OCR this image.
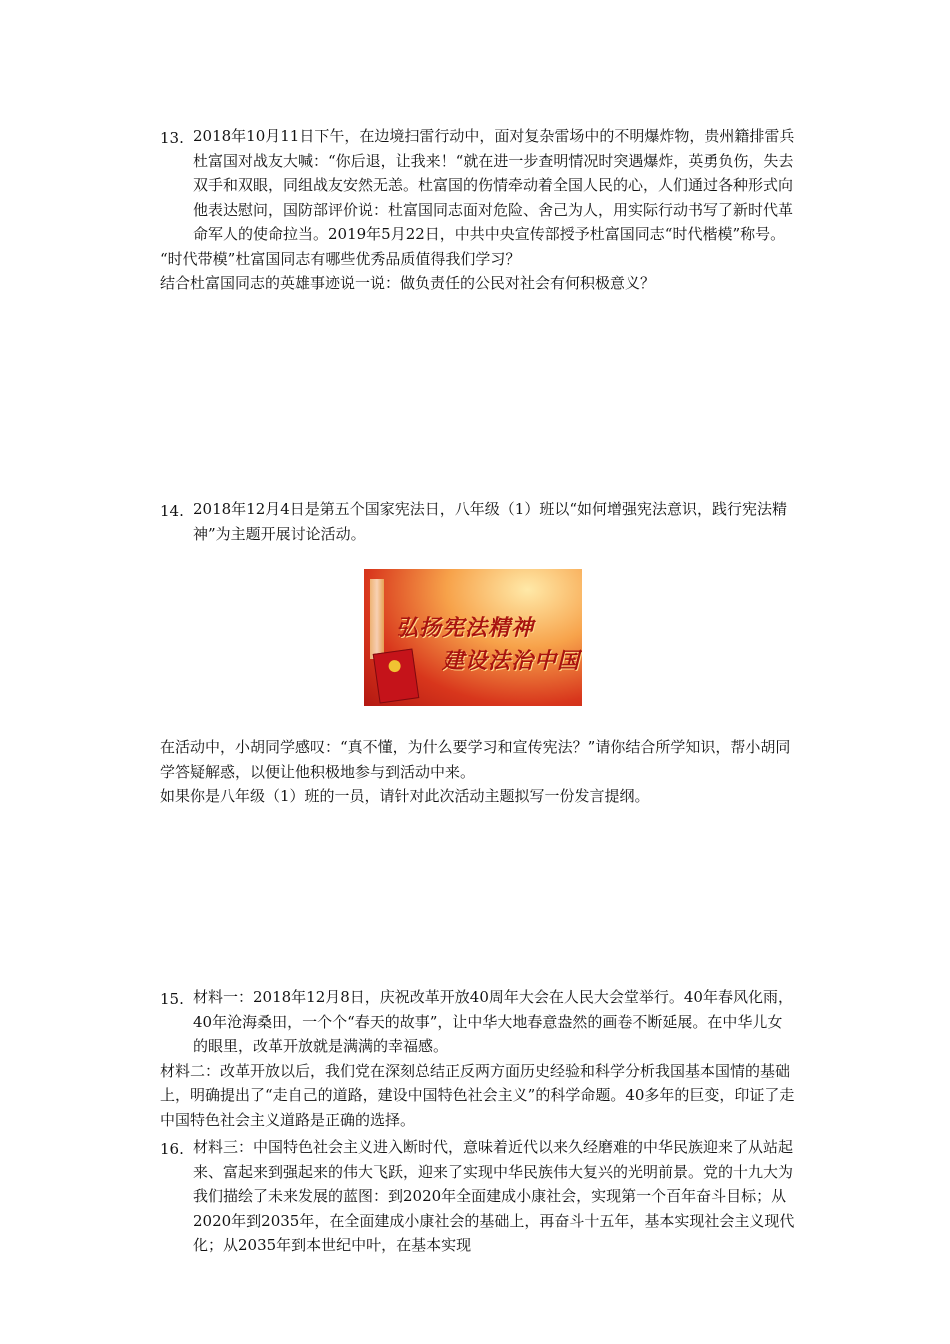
13. 2018年10月11日下午，在边境扫雷行动中，面对复杂雷场中的不明爆炸物，贵州籍排雷兵杜富国对战友大喊：“你后退，让我来！“就在进一步查明情况时突遇爆炸，英勇负伤，失去双手和双眼，同组战友安然无恙。杜富国的伤情牵动着全国人民的心，人们通过各种形式向他表达慰问，国防部评价说：杜富国同志面对危险、舍己为人，用实际行动书写了新时代革命军人的使命拉当。2019年5月22日，中共中央宣传部授予杜富国同志“时代楷模”称号。
“时代带模”杜富国同志有哪些优秀品质值得我们学习？
结合杜富国同志的英雄事迹说一说：做负责任的公民对社会有何积极意义？
14. 2018年12月4日是第五个国家宪法日，八年级（1）班以“如何增强宪法意识，践行宪法精神”为主题开展讨论活动。
弘扬宪法精神
建设法治中国
在活动中，小胡同学感叹：“真不懂，为什么要学习和宣传宪法？”请你结合所学知识，帮小胡同学答疑解惑，以便让他积极地参与到活动中来。
如果你是八年级（1）班的一员，请针对此次活动主题拟写一份发言提纲。
15. 材料一：2018年12月8日，庆祝改革开放40周年大会在人民大会堂举行。40年春风化雨，40年沧海桑田，一个个“春天的故事”，让中华大地春意盎然的画卷不断延展。在中华儿女的眼里，改革开放就是满满的幸福感。
材料二：改革开放以后，我们党在深刻总结正反两方面历史经验和科学分析我国基本国情的基础上，明确提出了“走自己的道路，建设中国特色社会主义”的科学命题。40多年的巨变，印证了走中国特色社会主义道路是正确的选择。
16. 材料三：中国特色社会主义进入断时代，意味着近代以来久经磨难的中华民族迎来了从站起来、富起来到强起来的伟大飞跃，迎来了实现中华民族伟大复兴的光明前景。党的十九大为我们描绘了未来发展的蓝图：到2020年全面建成小康社会，实现第一个百年奋斗目标；从2020年到2035年，在全面建成小康社会的基础上，再奋斗十五年，基本实现社会主义现代化；从2035年到本世纪中叶，在基本实现
